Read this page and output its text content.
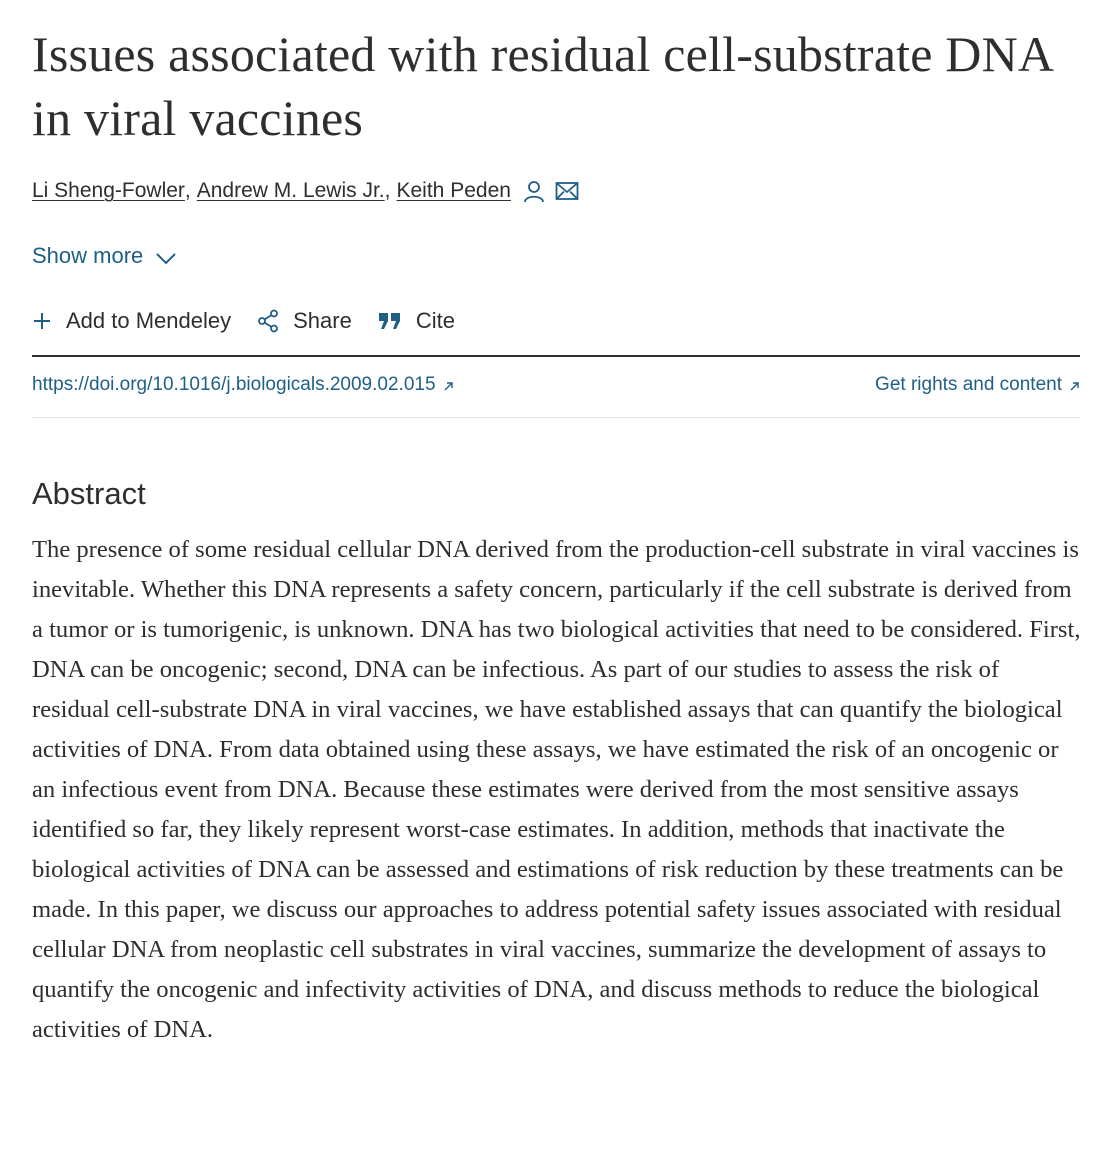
Issues associated with residual cell-substrate DNA in viral vaccines
Li Sheng-Fowler , Andrew M. Lewis Jr. , Keith Peden
Show more
Add to Mendeley	Share	Cite
https://doi.org/10.1016/j.biologicals.2009.02.015	Get rights and content
Abstract

The presence of some residual cellular DNA derived from the production-cell substrate in viral vaccines is inevitable. Whether this DNA represents a safety concern, particularly if the cell substrate is derived from a tumor or is tumorigenic, is unknown. DNA has two biological activities that need to be considered. First, DNA can be oncogenic; second, DNA can be infectious. As part of our studies to assess the risk of residual cell-substrate DNA in viral vaccines, we have established assays that can quantify the biological activities of DNA. From data obtained using these assays, we have estimated the risk of an oncogenic or an infectious event from DNA. Because these estimates were derived from the most sensitive assays identified so far, they likely represent worst-case estimates. In addition, methods that inactivate the biological activities of DNA can be assessed and estimations of risk reduction by these treatments can be made. In this paper, we discuss our approaches to address potential safety issues associated with residual cellular DNA from neoplastic cell substrates in viral vaccines, summarize the development of assays to quantify the oncogenic and infectivity activities of DNA, and discuss methods to reduce the biological activities of DNA.
